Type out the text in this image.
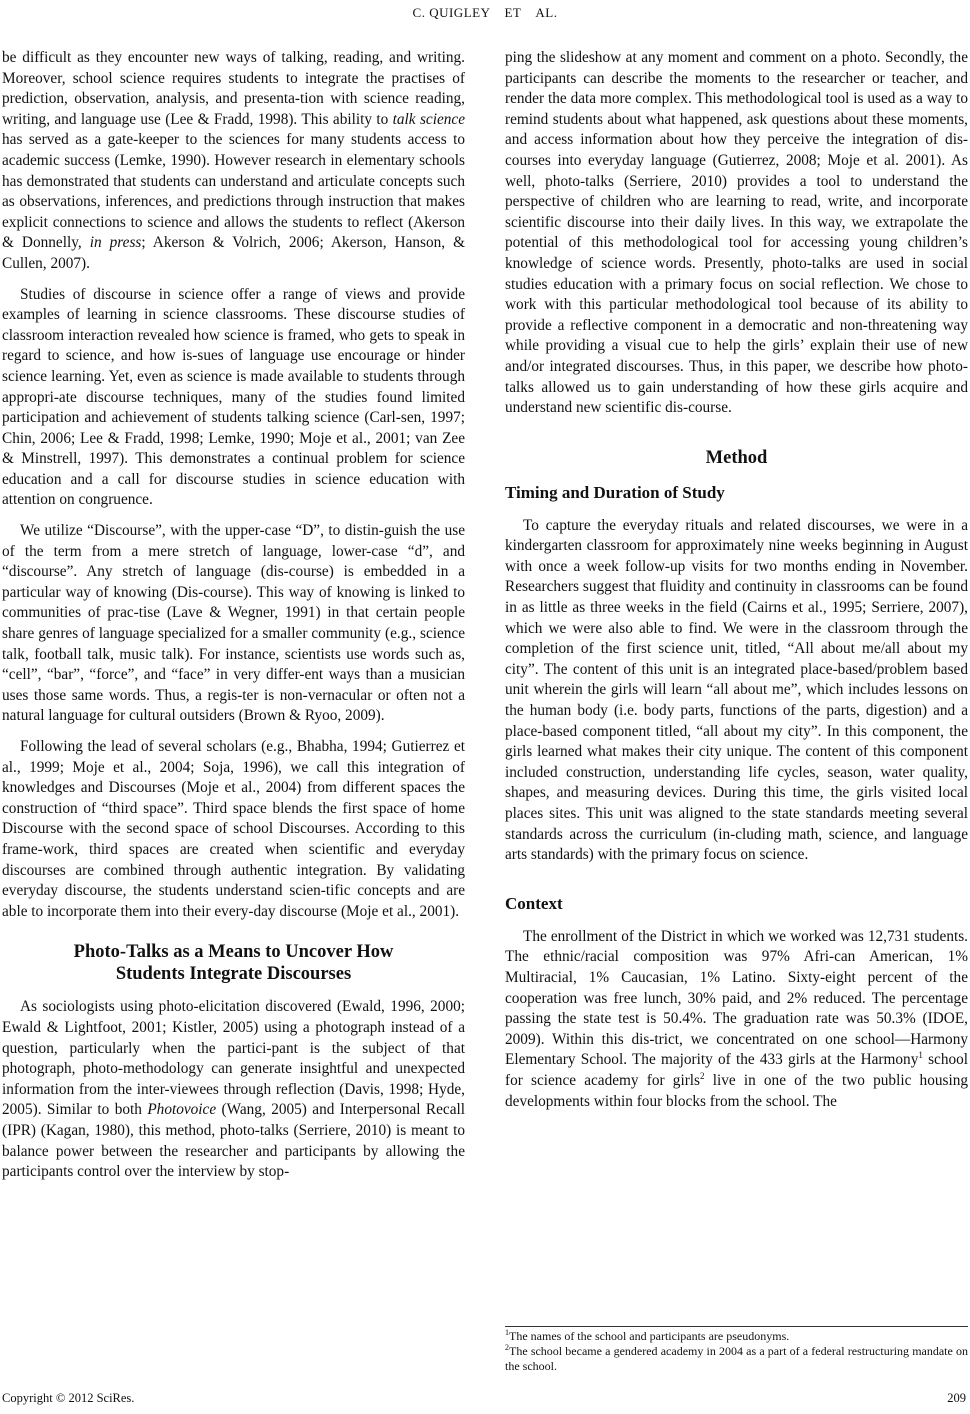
C. QUIGLEY ET AL.

be difficult as they encounter new ways of talking, reading, and writing. Moreover, school science requires students to integrate the practises of prediction, observation, analysis, and presenta-tion with science reading, writing, and language use (Lee & Fradd, 1998). This ability to talk science has served as a gate-keeper to the sciences for many students access to academic success (Lemke, 1990). However research in elementary schools has demonstrated that students can understand and articulate concepts such as observations, inferences, and predictions through instruction that makes explicit connections to science and allows the students to reflect (Akerson & Donnelly, in press; Akerson & Volrich, 2006; Akerson, Hanson, & Cullen, 2007).

Studies of discourse in science offer a range of views and provide examples of learning in science classrooms. These discourse studies of classroom interaction revealed how science is framed, who gets to speak in regard to science, and how is-sues of language use encourage or hinder science learning. Yet, even as science is made available to students through appropri-ate discourse techniques, many of the studies found limited participation and achievement of students talking science (Carl-sen, 1997; Chin, 2006; Lee & Fradd, 1998; Lemke, 1990; Moje et al., 2001; van Zee & Minstrell, 1997). This demonstrates a continual problem for science education and a call for discourse studies in science education with attention on congruence.

We utilize “Discourse”, with the upper-case “D”, to distin-guish the use of the term from a mere stretch of language, lower-case “d”, and “discourse”. Any stretch of language (dis-course) is embedded in a particular way of knowing (Dis-course). This way of knowing is linked to communities of prac-tise (Lave & Wegner, 1991) in that certain people share genres of language specialized for a smaller community (e.g., science talk, football talk, music talk). For instance, scientists use words such as, “cell”, “bar”, “force”, and “face” in very differ-ent ways than a musician uses those same words. Thus, a regis-ter is non-vernacular or often not a natural language for cultural outsiders (Brown & Ryoo, 2009).

Following the lead of several scholars (e.g., Bhabha, 1994; Gutierrez et al., 1999; Moje et al., 2004; Soja, 1996), we call this integration of knowledges and Discourses (Moje et al., 2004) from different spaces the construction of “third space”. Third space blends the first space of home Discourse with the second space of school Discourses. According to this frame-work, third spaces are created when scientific and everyday discourses are combined through authentic integration. By validating everyday discourse, the students understand scien-tific concepts and are able to incorporate them into their every-day discourse (Moje et al., 2001).

Photo-Talks as a Means to Uncover How
Students Integrate Discourses

As sociologists using photo-elicitation discovered (Ewald, 1996, 2000; Ewald & Lightfoot, 2001; Kistler, 2005) using a photograph instead of a question, particularly when the partici-pant is the subject of that photograph, photo-methodology can generate insightful and unexpected information from the inter-viewees through reflection (Davis, 1998; Hyde, 2005). Similar to both Photovoice (Wang, 2005) and Interpersonal Recall (IPR) (Kagan, 1980), this method, photo-talks (Serriere, 2010) is meant to balance power between the researcher and participants by allowing the participants control over the interview by stop-

ping the slideshow at any moment and comment on a photo. Secondly, the participants can describe the moments to the researcher or teacher, and render the data more complex. This methodological tool is used as a way to remind students about what happened, ask questions about these moments, and access information about how they perceive the integration of dis-courses into everyday language (Gutierrez, 2008; Moje et al. 2001). As well, photo-talks (Serriere, 2010) provides a tool to understand the perspective of children who are learning to read, write, and incorporate scientific discourse into their daily lives. In this way, we extrapolate the potential of this methodological tool for accessing young children’s knowledge of science words. Presently, photo-talks are used in social studies education with a primary focus on social reflection. We chose to work with this particular methodological tool because of its ability to provide a reflective component in a democratic and non-threatening way while providing a visual cue to help the girls’ explain their use of new and/or integrated discourses. Thus, in this paper, we describe how photo-talks allowed us to gain understanding of how these girls acquire and understand new scientific dis-course.

Method
Timing and Duration of Study

To capture the everyday rituals and related discourses, we were in a kindergarten classroom for approximately nine weeks beginning in August with once a week follow-up visits for two months ending in November. Researchers suggest that fluidity and continuity in classrooms can be found in as little as three weeks in the field (Cairns et al., 1995; Serriere, 2007), which we were also able to find. We were in the classroom through the completion of the first science unit, titled, “All about me/all about my city”. The content of this unit is an integrated place-based/problem based unit wherein the girls will learn “all about me”, which includes lessons on the human body (i.e. body parts, functions of the parts, digestion) and a place-based component titled, “all about my city”. In this component, the girls learned what makes their city unique. The content of this component included construction, understanding life cycles, season, water quality, shapes, and measuring devices. During this time, the girls visited local places sites. This unit was aligned to the state standards meeting several standards across the curriculum (in-cluding math, science, and language arts standards) with the primary focus on science.

Context

The enrollment of the District in which we worked was 12,731 students. The ethnic/racial composition was 97% Afri-can American, 1% Multiracial, 1% Caucasian, 1% Latino. Sixty-eight percent of the cooperation was free lunch, 30% paid, and 2% reduced. The percentage passing the state test is 50.4%. The graduation rate was 50.3% (IDOE, 2009). Within this dis-trict, we concentrated on one school—Harmony Elementary School. The majority of the 433 girls at the Harmony$^1$ school for science academy for girls$^2$ live in one of the two public housing developments within four blocks from the school. The

$^1$The names of the school and participants are pseudonyms.

$^2$The school became a gendered academy in 2004 as a part of a federal restructuring mandate on the school.

Copyright © 2012 SciRes.	209
